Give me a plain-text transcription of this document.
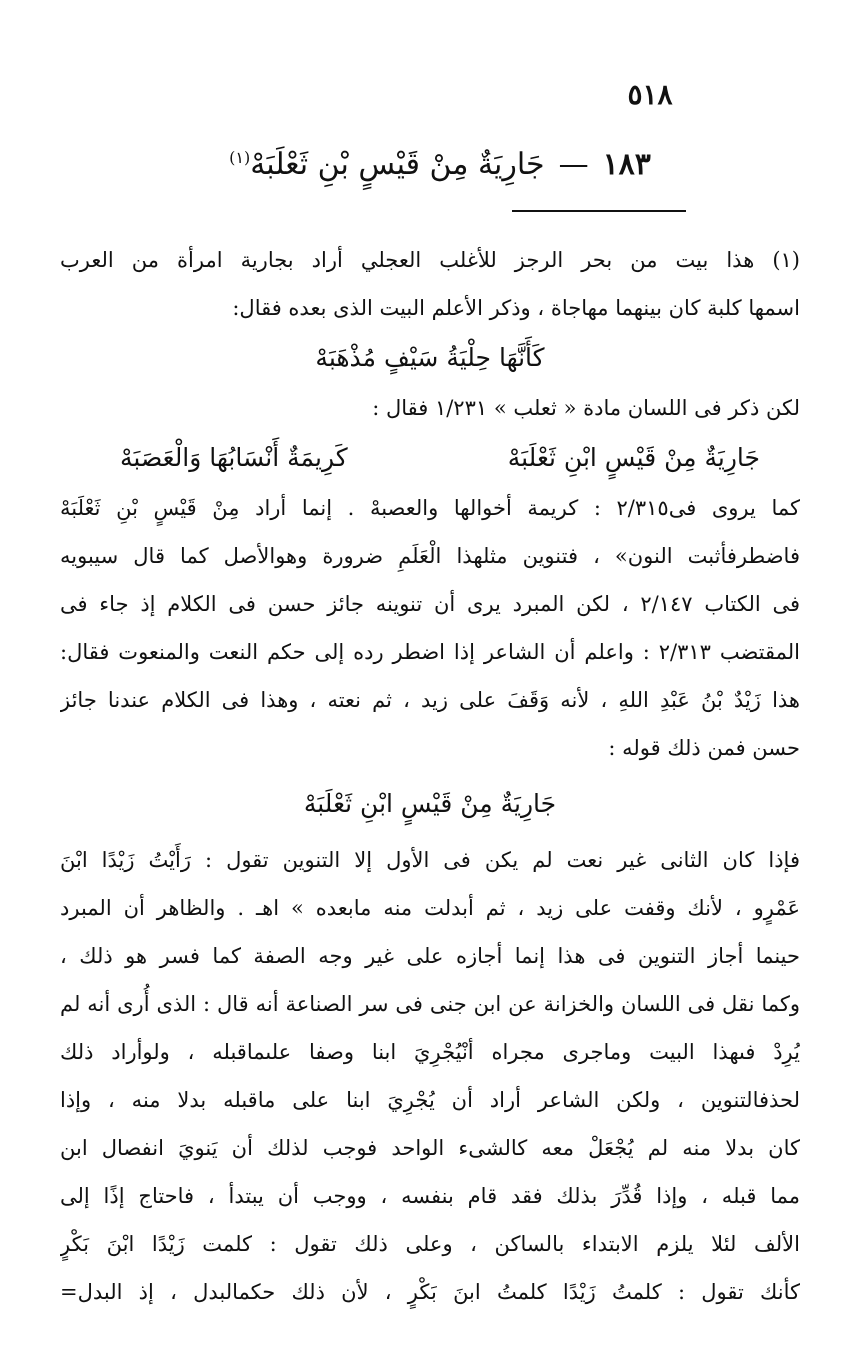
٥١٨
١٨٣—جَارِيَةٌ مِنْ قَيْسٍ بْنِ ثَعْلَبَهْ$^{(١)}$
(١) هذا بيت من بحر الرجز للأغلب العجلي أراد بجارية امرأة من العرب
اسمها كلبة كان بينهما مهاجاة ، وذكر الأعلم البيت الذى بعده فقال:
كَأَنَّهَا حِلْيَةُ سَيْفٍ مُذْهَبَهْ
لكن ذكر فى اللسان مادة « ثعلب » ١/٢٣١ فقال :
جَارِيَةٌ مِنْ قَيْسٍ ابْنِ ثَعْلَبَهْ
كَرِيمَةٌ أَنْسَابُهَا وَالْعَصَبَهْ
كما يروى فى٢/٣١٥ : كريمة أخوالها والعصبهْ . إنما أراد مِنْ قَيْسٍ بْنِ ثَعْلَبَهْ
فاضطرفأثبت النون» ، فتنوين مثلهذا الْعَلَمِ ضرورة وهوالأصل كما قال سيبويه
فى الكتاب ٢/١٤٧ ، لكن المبرد يرى أن تنوينه جائز حسن فى الكلام إذ جاء فى
المقتضب ٢/٣١٣ : واعلم أن الشاعر إذا اضطر رده إلى حكم النعت والمنعوت فقال:
هذا زَيْدٌ بْنُ عَبْدِ اللهِ ، لأنه وَقَفَ على زيد ، ثم نعته ، وهذا فى الكلام عندنا جائز
حسن فمن ذلك قوله :
جَارِيَةٌ مِنْ قَيْسٍ ابْنِ ثَعْلَبَهْ
فإذا كان الثانى غير نعت لم يكن فى الأول إلا التنوين تقول : رَأَيْتُ زَيْدًا ابْنَ
عَمْرٍو ، لأنك وقفت على زيد ، ثم أبدلت منه مابعده » اهـ . والظاهر أن المبرد
حينما أجاز التنوين فى هذا إنما أجازه على غير وجه الصفة كما فسر هو ذلك ،
وكما نقل فى اللسان والخزانة عن ابن جنى فى سر الصناعة أنه قال : الذى أُرى أنه لم
يُرِدْ فىهذا البيت وماجرى مجراه أنْيُجْرِيَ ابنا وصفا علىماقبله ، ولوأراد ذلك
لحذفالتنوين ، ولكن الشاعر أراد أن يُجْرِيَ ابنا على ماقبله بدلا منه ، وإذا
كان بدلا منه لم يُجْعَلْ معه كالشىء الواحد فوجب لذلك أن يَنويَ انفصال ابن
مما قبله ، وإذا قُدِّرَ بذلك فقد قام بنفسه ، ووجب أن يبتدأ ، فاحتاج إذًا إلى
الألف لئلا يلزم الابتداء بالساكن ، وعلى ذلك تقول : كلمت زَيْدًا ابْنَ بَكْرٍ
كأنك تقول : كلمتُ زَيْدًا كلمتُ ابنَ بَكْرٍ ، لأن ذلك حكمالبدل ، إذ البدل=
